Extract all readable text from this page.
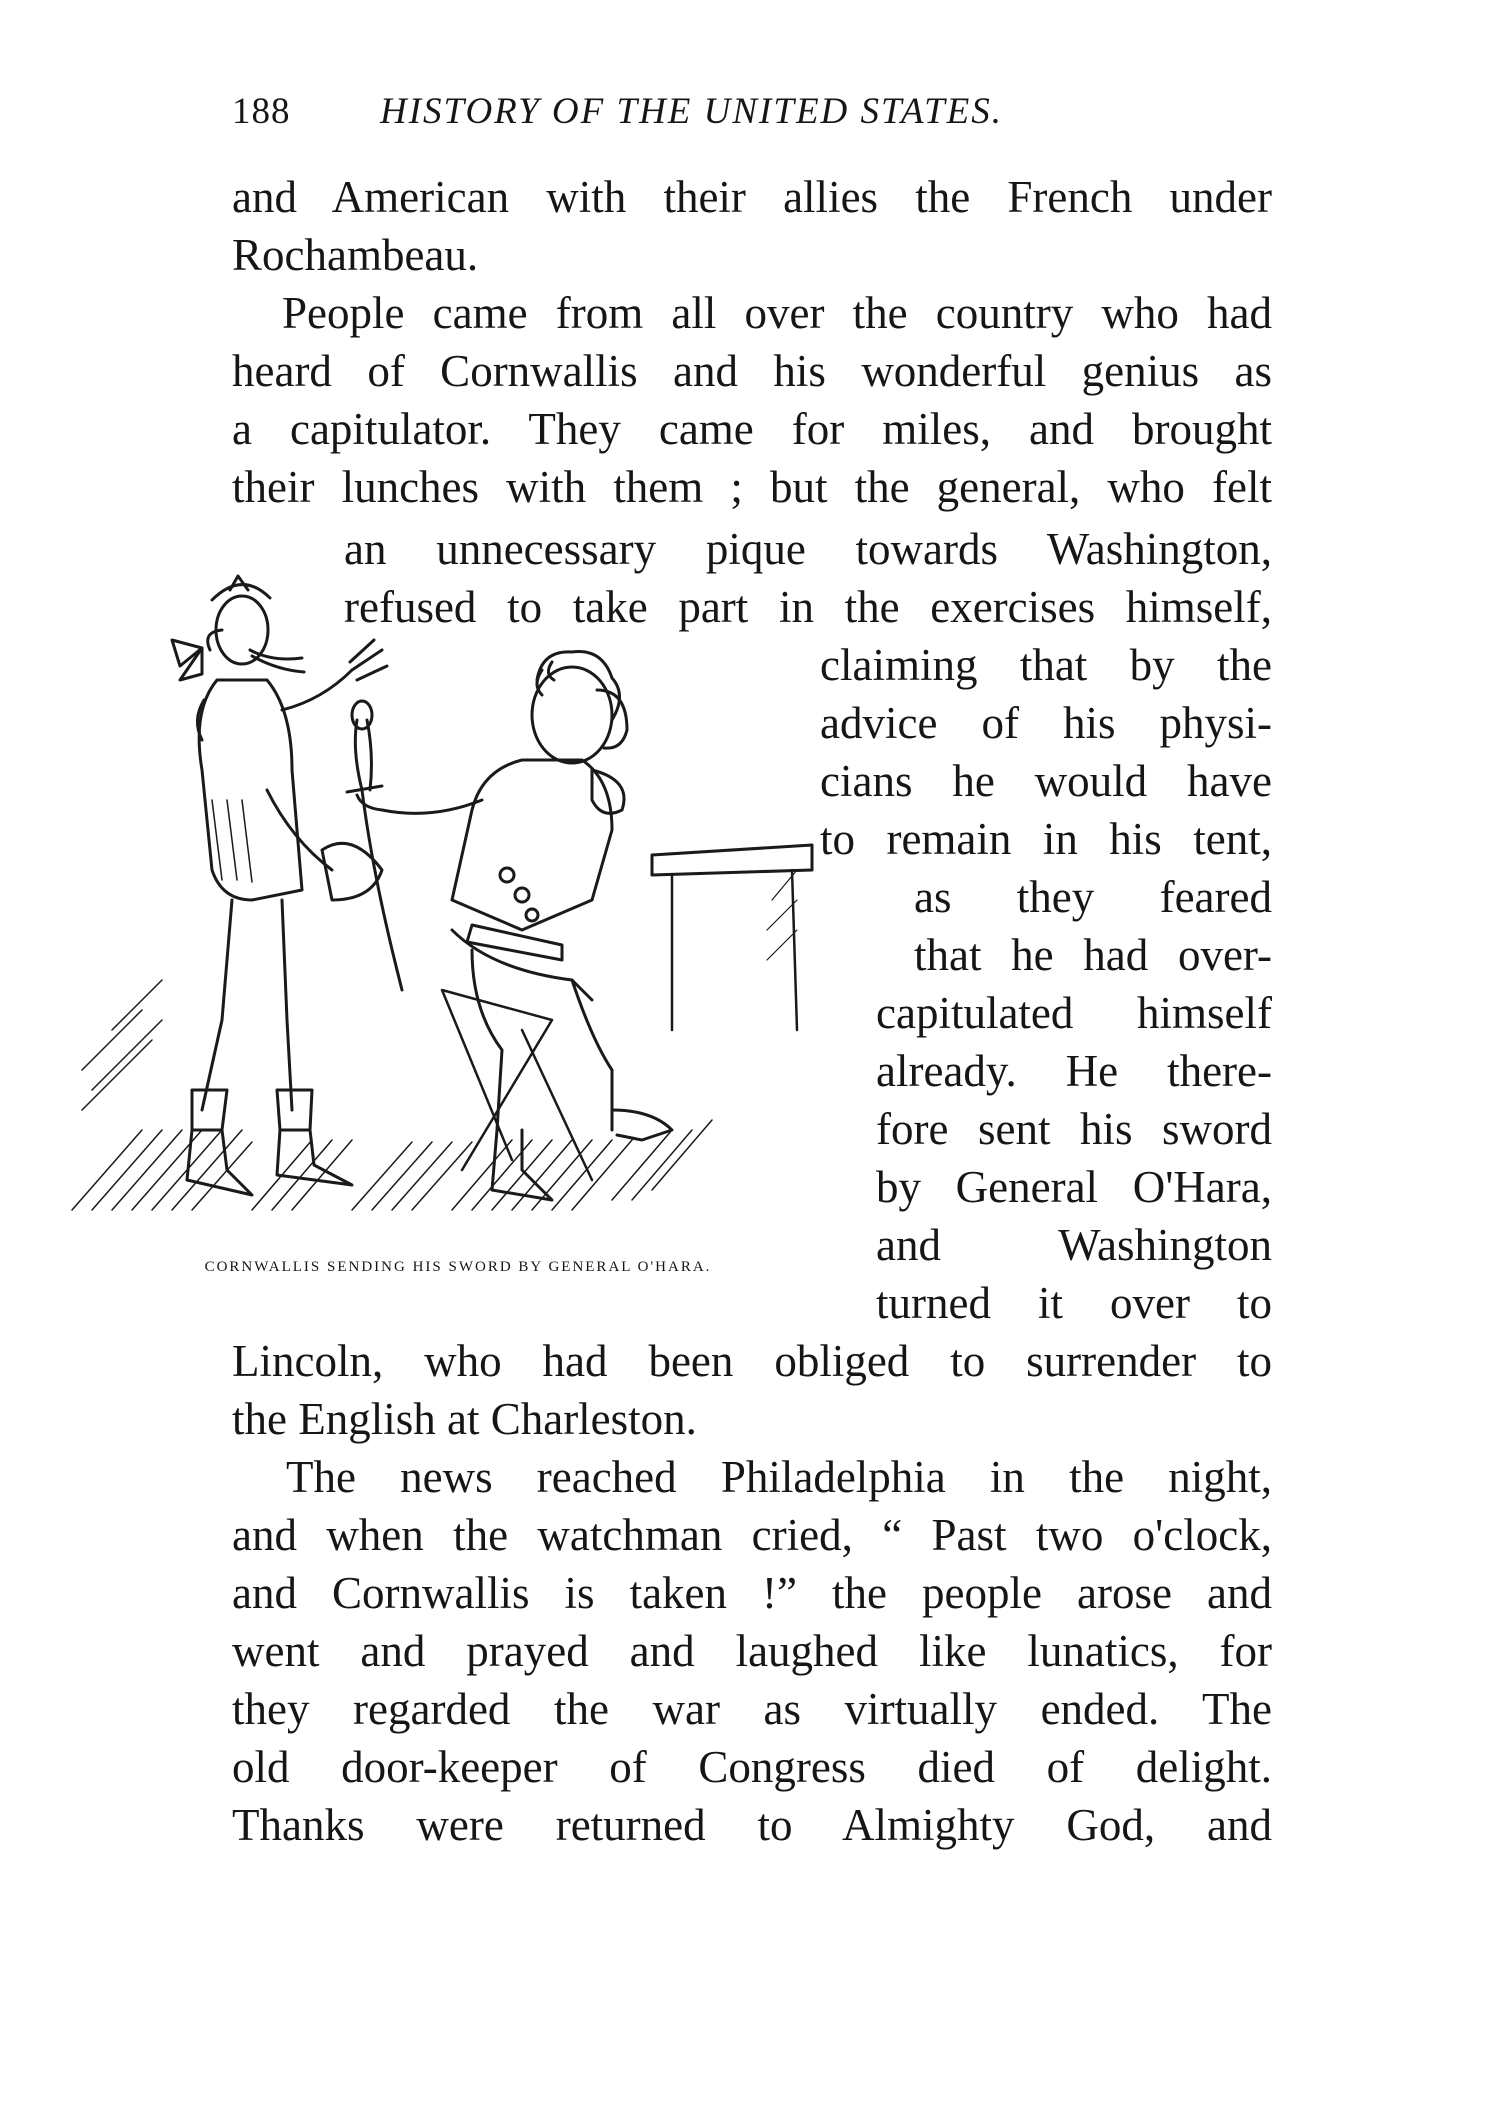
188 HISTORY OF THE UNITED STATES.
and American with their allies the French under
Rochambeau.
People came from all over the country who had
heard of Cornwallis and his wonderful genius as
a capitulator. They came for miles, and brought
their lunches with them ; but the general, who felt
an unnecessary pique towards Washington,
refused to take part in the exercises himself,
claiming that by the
advice of his physi-
cians he would have
to remain in his tent,
as they feared
that he had over-
capitulated himself
already. He there-
fore sent his sword
by General O'Hara,
and Washington
turned it over to
Lincoln, who had been obliged to surrender to
the English at Charleston.
The news reached Philadelphia in the night,
and when the watchman cried, “ Past two o'clock,
and Cornwallis is taken !” the people arose and
went and prayed and laughed like lunatics, for
they regarded the war as virtually ended. The
old door-keeper of Congress died of delight.
Thanks were returned to Almighty God, and
CORNWALLIS SENDING HIS SWORD BY GENERAL O'HARA.
